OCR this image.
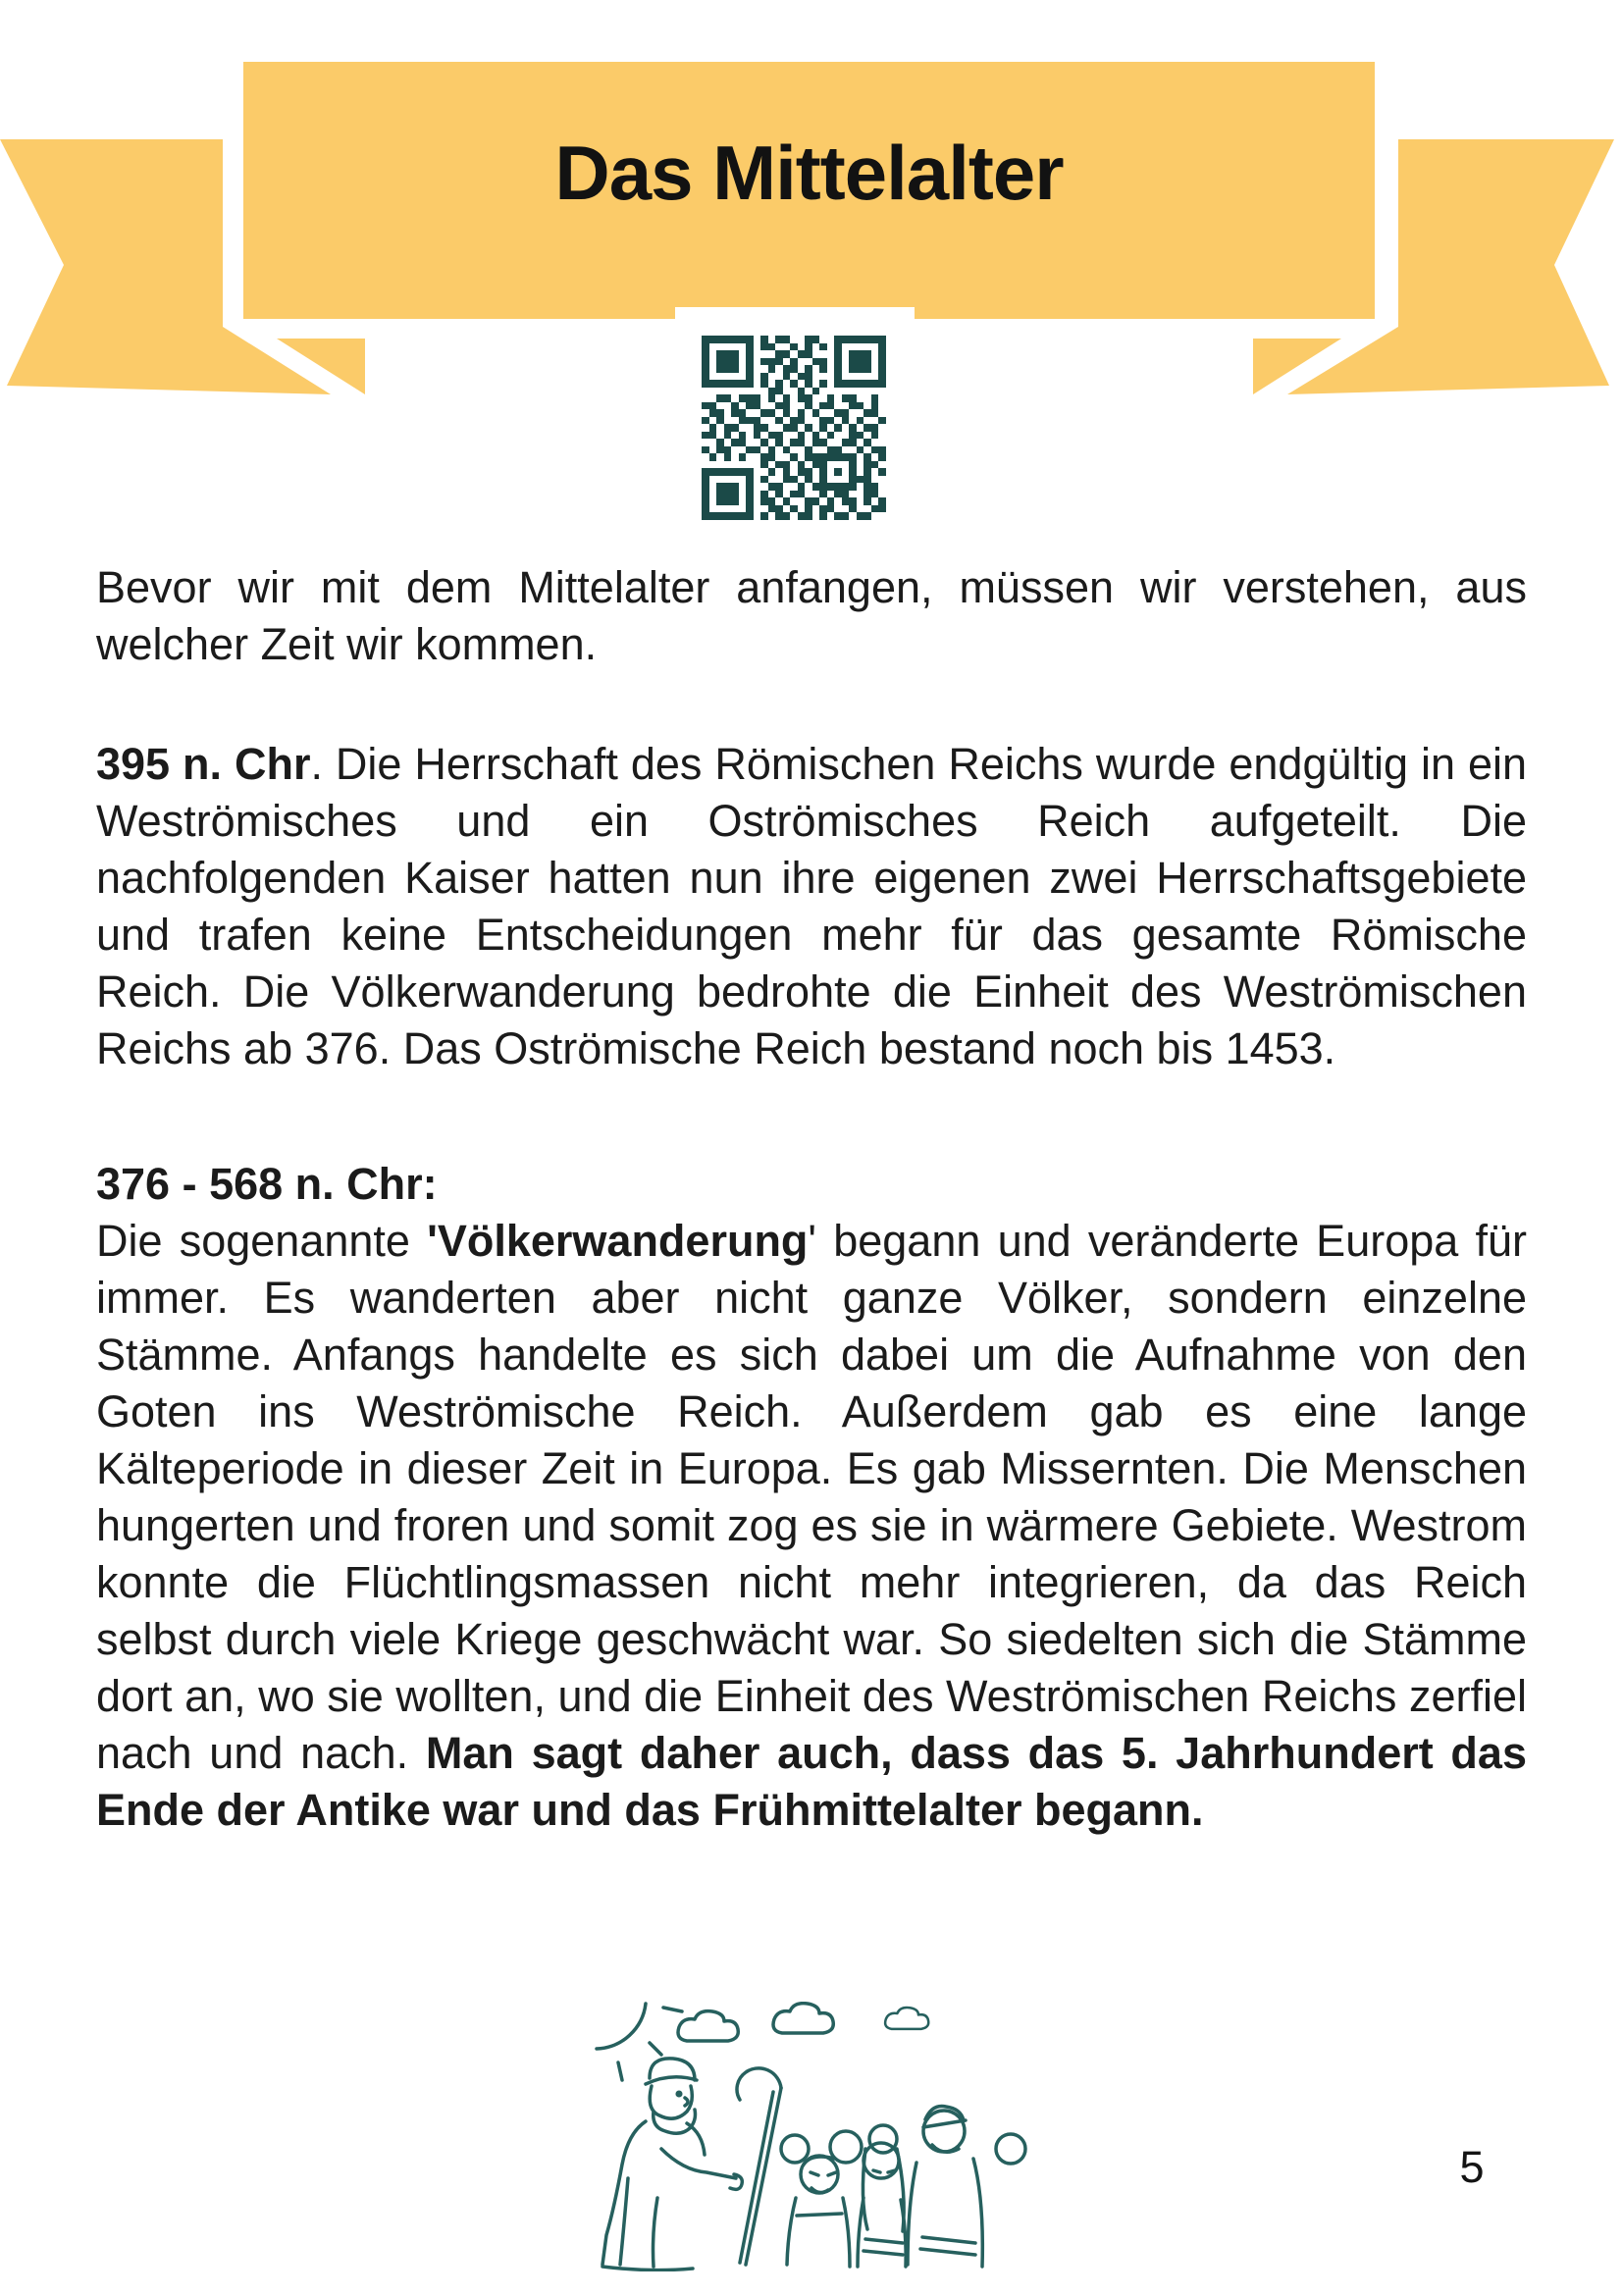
Das Mittelalter

Bevor wir mit dem Mittelalter anfangen, müssen wir verstehen, aus welcher Zeit wir kommen.

395 n. Chr. Die Herrschaft des Römischen Reichs wurde endgültig in ein Weströmisches und ein Oströmisches Reich aufgeteilt. Die nachfolgenden Kaiser hatten nun ihre eigenen zwei Herrschaftsgebiete und trafen keine Entscheidungen mehr für das gesamte Römische Reich. Die Völkerwanderung bedrohte die Einheit des Weströmischen Reichs ab 376. Das Oströmische Reich bestand noch bis 1453.

376 - 568 n. Chr:
Die sogenannte 'Völkerwanderung' begann und veränderte Europa für immer. Es wanderten aber nicht ganze Völker, sondern einzelne Stämme. Anfangs handelte es sich dabei um die Aufnahme von den Goten ins Weströmische Reich. Außerdem gab es eine lange Kälteperiode in dieser Zeit in Europa. Es gab Missernten. Die Menschen hungerten und froren und somit zog es sie in wärmere Gebiete. Westrom konnte die Flüchtlingsmassen nicht mehr integrieren, da das Reich selbst durch viele Kriege geschwächt war. So siedelten sich die Stämme dort an, wo sie wollten, und die Einheit des Weströmischen Reichs zerfiel nach und nach. Man sagt daher auch, dass das 5. Jahrhundert das Ende der Antike war und das Frühmittelalter begann.

5
